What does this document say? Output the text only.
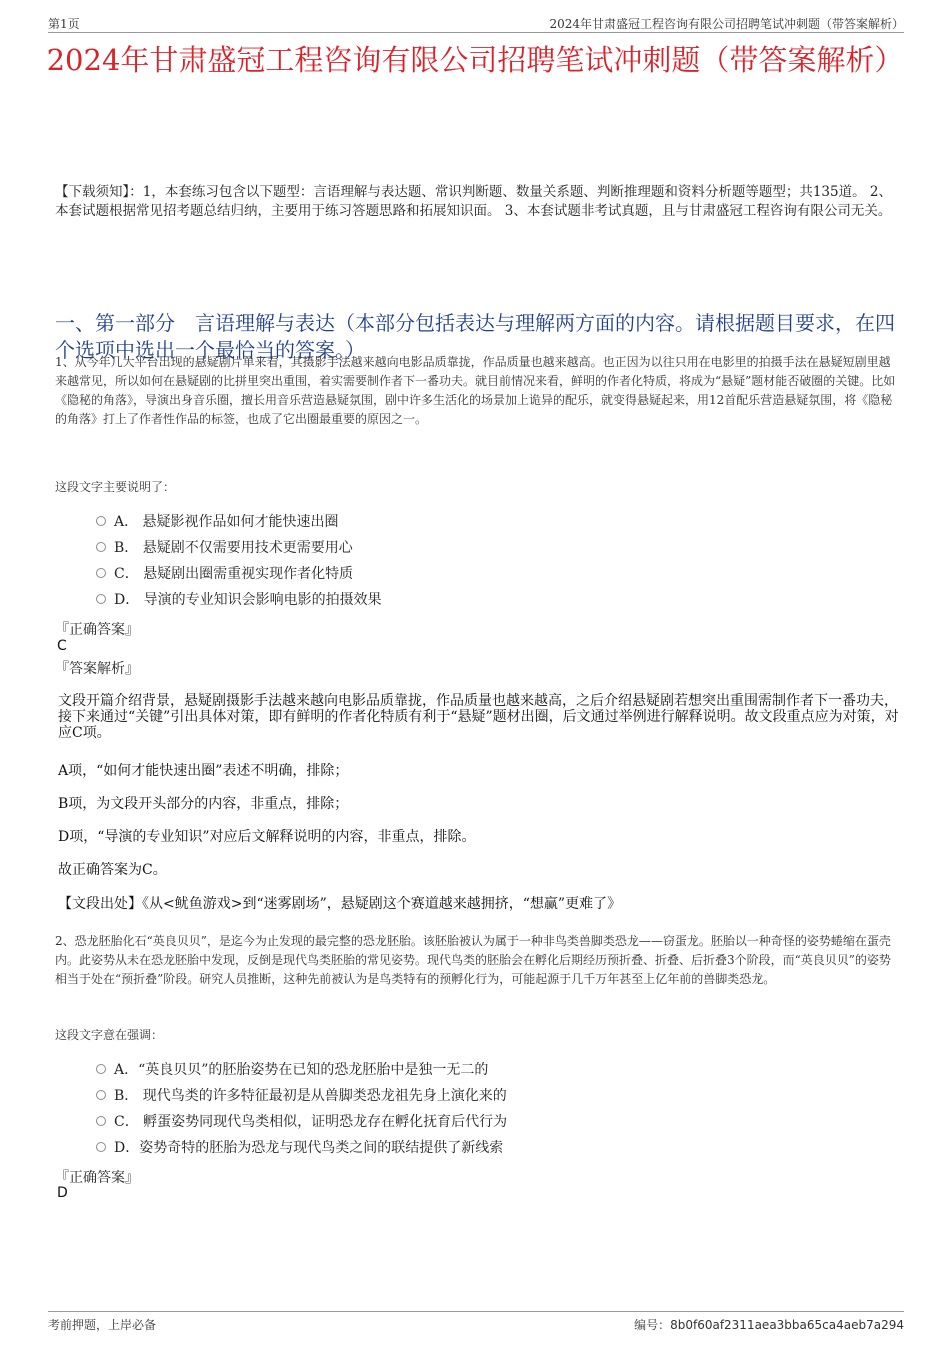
第1页	2024年甘肃盛冠工程咨询有限公司招聘笔试冲刺题（带答案解析）
2024年甘肃盛冠工程咨询有限公司招聘笔试冲刺题（带答案解析）
【下载须知】：1，本套练习包含以下题型：言语理解与表达题、常识判断题、数量关系题、判断推理题和资料分析题等题型；共135道。 2、本套试题根据常见招考题总结归纳，主要用于练习答题思路和拓展知识面。 3、本套试题非考试真题，且与甘肃盛冠工程咨询有限公司无关。
一、第一部分　言语理解与表达（本部分包括表达与理解两方面的内容。请根据题目要求，在四个选项中选出一个最恰当的答案。）
1、从今年几大平台出现的悬疑剧片单来看，其摄影手法越来越向电影品质靠拢，作品质量也越来越高。也正因为以往只用在电影里的拍摄手法在悬疑短剧里越来越常见，所以如何在悬疑剧的比拼里突出重围，着实需要制作者下一番功夫。就目前情况来看，鲜明的作者化特质，将成为“悬疑”题材能否破圈的关键。比如《隐秘的角落》，导演出身音乐圈，擅长用音乐营造悬疑氛围，剧中许多生活化的场景加上诡异的配乐，就变得悬疑起来，用12首配乐营造悬疑氛围，将《隐秘的角落》打上了作者性作品的标签，也成了它出圈最重要的原因之一。
这段文字主要说明了：
A． 悬疑影视作品如何才能快速出圈
B． 悬疑剧不仅需要用技术更需要用心
C． 悬疑剧出圈需重视实现作者化特质
D． 导演的专业知识会影响电影的拍摄效果
『正确答案』
C
『答案解析』
文段开篇介绍背景，悬疑剧摄影手法越来越向电影品质靠拢，作品质量也越来越高，之后介绍悬疑剧若想突出重围需制作者下一番功夫，接下来通过“关键”引出具体对策，即有鲜明的作者化特质有利于“悬疑”题材出圈，后文通过举例进行解释说明。故文段重点应为对策，对应C项。
A项，“如何才能快速出圈”表述不明确，排除；
B项，为文段开头部分的内容，非重点，排除；
D项，“导演的专业知识”对应后文解释说明的内容，非重点，排除。
故正确答案为C。
【文段出处】《从<鱿鱼游戏>到“迷雾剧场”，悬疑剧这个赛道越来越拥挤，“想赢”更难了》
2、恐龙胚胎化石“英良贝贝”，是迄今为止发现的最完整的恐龙胚胎。该胚胎被认为属于一种非鸟类兽脚类恐龙——窃蛋龙。胚胎以一种奇怪的姿势蜷缩在蛋壳内。此姿势从未在恐龙胚胎中发现，反倒是现代鸟类胚胎的常见姿势。现代鸟类的胚胎会在孵化后期经历预折叠、折叠、后折叠3个阶段，而“英良贝贝”的姿势相当于处在“预折叠”阶段。研究人员推断，这种先前被认为是鸟类特有的预孵化行为，可能起源于几千万年甚至上亿年前的兽脚类恐龙。
这段文字意在强调：
A．“英良贝贝”的胚胎姿势在已知的恐龙胚胎中是独一无二的
B． 现代鸟类的许多特征最初是从兽脚类恐龙祖先身上演化来的
C． 孵蛋姿势同现代鸟类相似，证明恐龙存在孵化抚育后代行为
D．姿势奇特的胚胎为恐龙与现代鸟类之间的联结提供了新线索
『正确答案』
D
考前押题，上岸必备	编号：8b0f60af2311aea3bba65ca4aeb7a294
